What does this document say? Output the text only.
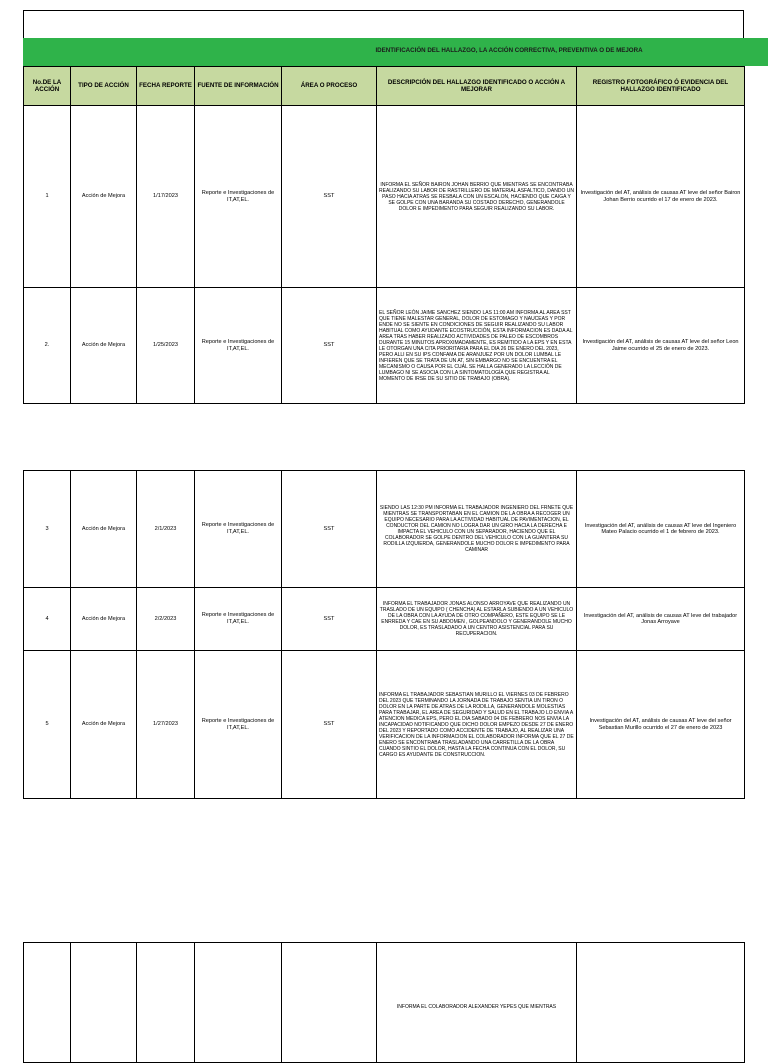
IDENTIFICACIÓN DEL HALLAZGO, LA ACCIÓN CORRECTIVA, PREVENTIVA O DE MEJORA
No.DE LA ACCIÓN	TIPO DE ACCIÓN	FECHA REPORTE	FUENTE DE INFORMACIÓN	ÁREA O PROCESO	DESCRIPCIÓN DEL HALLAZGO IDENTIFICADO O ACCIÓN A MEJORAR	REGISTRO FOTOGRÁFICO Ó EVIDENCIA DEL HALLAZGO IDENTIFICADO
1	Acción de Mejora	1/17/2023	Reporte e Investigaciones de IT,AT,EL.	SST	INFORMA EL SEÑOR BAIRON JOHAN BERRIO QUE MIENTRAS SE ENCONTRABA REALIZANDO SU LABOR DE RASTRILLERO DE MATERIAL ASFALTICO, DANDO UN PASO HACIA ATRAS SE RESBALA CON UN ESCALON, HACIENDO QUE CAIGA Y SE GOLPE CON UNA BARANDA SU COSTADO DERECHO, GENERANDOLE DOLOR E IMPEDIMENTO PARA SEGUIR REALIZANDO SU LABOR.	Investigación del AT, análisis de causas AT leve del señor Bairon Johan Berrio ocurrido el 17 de enero de 2023.
2.	Acción de Mejora	1/25/2023	Reporte e Investigaciones de IT,AT,EL.	SST	EL SEÑOR LEÓN JAIME SANCHEZ SIENDO LAS 11:00 AM INFORMA AL AREA SST QUE TIENE MALESTAR GENERAL, DOLOR DE ESTOMAGO Y NAUCEAS Y POR ENDE NO SE SIENTE EN CONDICIONES DE SEGUIR REALIZANDO SU LABOR HABITUAL COMO AYUDANTE ECOSTRUCCIÓN, ESTA INFORMACION ES DADA AL AREA TRAS HABER REALIZADO ACTIVIDADES DE PALEO DE ESCOMBROS DURANTE 15 MINUTOS APROXIMADAMENTE, ES REMITIDO A LA EPS Y EN ESTA LE OTORGAN UNA CITA PRIORITARIA PARA EL DIA 26 DE ENERO DEL 2023, PERO ALLI EN SU IPS CONFAMA DE ARANJUEZ POR UN DOLOR LUMBAL LE INFIEREN QUE SE TRATA DE UN AT, SIN EMBARGO NO SE ENCUENTRA EL MECANISMO O CAUSA POR EL CUÁL SE HALLA GENERADO LA LECCIÓN DE LUMBAGO NI SE ASOCIA CON LA SINTOMATOLOGÍA QUE REGISTRA AL MOMENTO DE IRSE DE SU SITIO DE TRABAJO (OBRA).	Investigación del AT, análisis de causas AT leve del señor Leon Jaime ocurrido el 25 de enero de 2023.
3	Acción de Mejora	2/1/2023	Reporte e Investigaciones de IT,AT,EL.	SST	SIENDO LAS 12:30 PM INFORMA EL TRABAJADOR INGENIERO DEL FRNETE QUE MIENTRAS SE TRANSPORTABAN EN EL CAMION DE LA OBRA A RECOGER UN EQUIPO NECESARIO PARA LA ACTIVIDAD HABITUAL DE PAVIMENTACION, EL CONDUCTOR DEL CAMION NO LOGRA DAR UN GIRO HACIA LA DERECHA E IMPACTA EL VEHICULO CON UN SEPARADOR, HACIENDO QUE EL COLABORADOR SE GOLPE DENTRO DEL VEHICULO CON LA GUANTERA SU RODILLA IZQUIERDA, GENERANDOLE MUCHO DOLOR E IMPEDIMENTO PARA CAMINAR	Investigación del AT, análisis de causas AT leve del Ingeniero Mateo Palacio ocurrido el 1 de febrero de 2023.
4	Acción de Mejora	2/2/2023	Reporte e Investigaciones de IT,AT,EL.	SST	INFORMA EL TRABAJADOR JONAS ALONSO ARROYAVE QUE REALIZANDO UN TRASLADO DE UN EQUIPO ( CHENCHA) AL ESTARLA SUBIENDO A UN VEHICULO DE LA OBRA CON LA AYUDA DE OTRO COMPAÑERO, ESTE EQUIPO SE LE ENRREDA Y CAE EN SU ABDOMEN , GOLPEANDOLO Y GENERANDOLE MUCHO DOLOR, ES TRASLADADO A UN CENTRO ASISTENCIAL PARA SU RECUPERACION.	Investigación del AT, análisis de causas AT leve del trabajador Jonas Arroyave
5	Acción de Mejora	1/27/2023	Reporte e Investigaciones de IT,AT,EL.	SST	INFORMA EL TRABAJADOR SEBASTIAN MURILLO EL VIERNES 03 DE FEBRERO DEL 2023 QUE TERMINANDO LA JORNADA DE TRABAJO SENTIA UN TIRON O DOLOR EN LA PARTE DE ATRAS DE LA RODILLA, GENERANDOLE MOLESTIAS PARA TRABAJAR, EL AREA DE SEGURIDAD Y SALUD EN EL TRABAJO LO ENVIA A ATENCION MEDICA EPS, PERO EL DIA SABADO 04 DE FEBRERO NOS ENVIA LA INCAPACIDAD NOTIFICANDO QUE DICHO DOLOR EMPEZO DESDE 27 DE ENERO DEL 2023 Y REPORTADO COMO ACCIDENTE DE TRABAJO, AL REALIZAR UNA VERIFICACION DE LA INFORMACION EL COLABORADOR INFORMA QUE EL 27 DE ENERO SE ENCONTRABA TRASLADANDO UNA CARRETILLA DE LA OBRA CUANDO SINTIO EL DOLOR, HASTA LA FECHA CONTINUA CON EL DOLOR, SU CARGO ES AYUDANTE DE CONSTRUCCION.	Investigación del AT, análisis de causas AT leve del señor Sebastian Murillo ocurrido el 27 de enero de 2023
					INFORMA EL COLABORADOR ALEXANDER YEPES QUE MIENTRAS	
